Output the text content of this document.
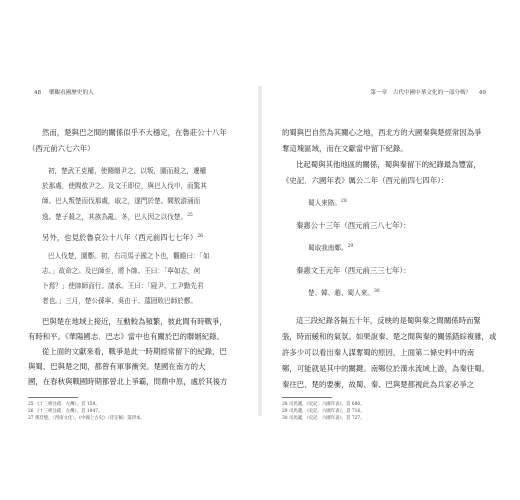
48 樂觀看國歷史的人
然而，楚與巴之間的關係似乎不大穩定，在魯莊公十八年
（西元前六七六年）
初，楚武王克權，使闘緡尹之，以叛，圍而殺之，遷權
於那處，使閻敖尹之。及文王即位，與巴人伐申，而驚其
師。巴人叛楚而伐那處，取之，遂門於楚。閻敖游涌而
逸。楚子殺之，其族為亂。冬，巴人因之以伐楚。$^{25}$
另外，也見於魯哀公十八年（西元前四七七年）$^{26}$
巴人伐楚，圍鄾。初，右司馬子國之卜也，觀瞻曰：「如
志。」故命之。及巴師至，將卜帥。王曰：「寧如志，何
卜焉？」使帥師而行。請承。王曰：「寢尹、工尹勤先君
者也。」三月，楚公孫寧、吳由于、薳固敗巴師於鄾。
巴與楚在地域上接近，互動較為頻繁，彼此間有時戰爭，
有時和平。《華陽國志．巴志》當中也有關於巴的聯姻紀錄。
從上面的文獻來看，戰爭是此一時期經常留下的紀錄，巴
與蜀、巴與楚之間，都曾有軍事衝突。楚國在南方的大
國，在春秋與戰國時期都曾北上爭霸，問鼎中原，處於其後方
25 《十三經注疏．左傳》，頁 159。
26 《十三經注疏．左傳》，頁 1047。
27 鄧廷璧，〈西南文化〉，《中國上古史》（待定稿）第四本。
第一章　古代中國中華文化的一部分嗎？ 49
的蜀與巴自然為其關心之地，西北方的大國秦與楚經常因為爭
奪這塊區域，而在文獻當中留下紀錄。
比起蜀與其他地區的關係，蜀與秦留下的紀錄最為豐富，
《史記．六國年表》厲公二年（西元前四七四年）：
蜀人來賂。$^{28}$
秦惠公十三年（西元前三八七年）：
蜀取我南鄭。$^{29}$
秦惠文王元年（西元前三三七年）：
楚、韓、趙、蜀人來。$^{30}$
這三段紀錄各隔五十年，反映的是蜀與秦之間關係時而緊
張，時而緩和的氣氛。如果說秦、楚之間與秦的關係錯綜複雜，或
許多少可以看出秦人謀奪蜀的原因，上面第二條史料中的南
鄭，可能就是其中的關鍵。南鄭位於漢水流域上游，為秦往蜀、
秦往巴、楚的要衝，故蜀、秦、巴與楚都視此為兵家必爭之
28 司馬遷，《史記．六國年表》，頁 686。
29 司馬遷，《史記．六國年表》，頁 716。
30 司馬遷，《史記．六國年表》，頁 727。
